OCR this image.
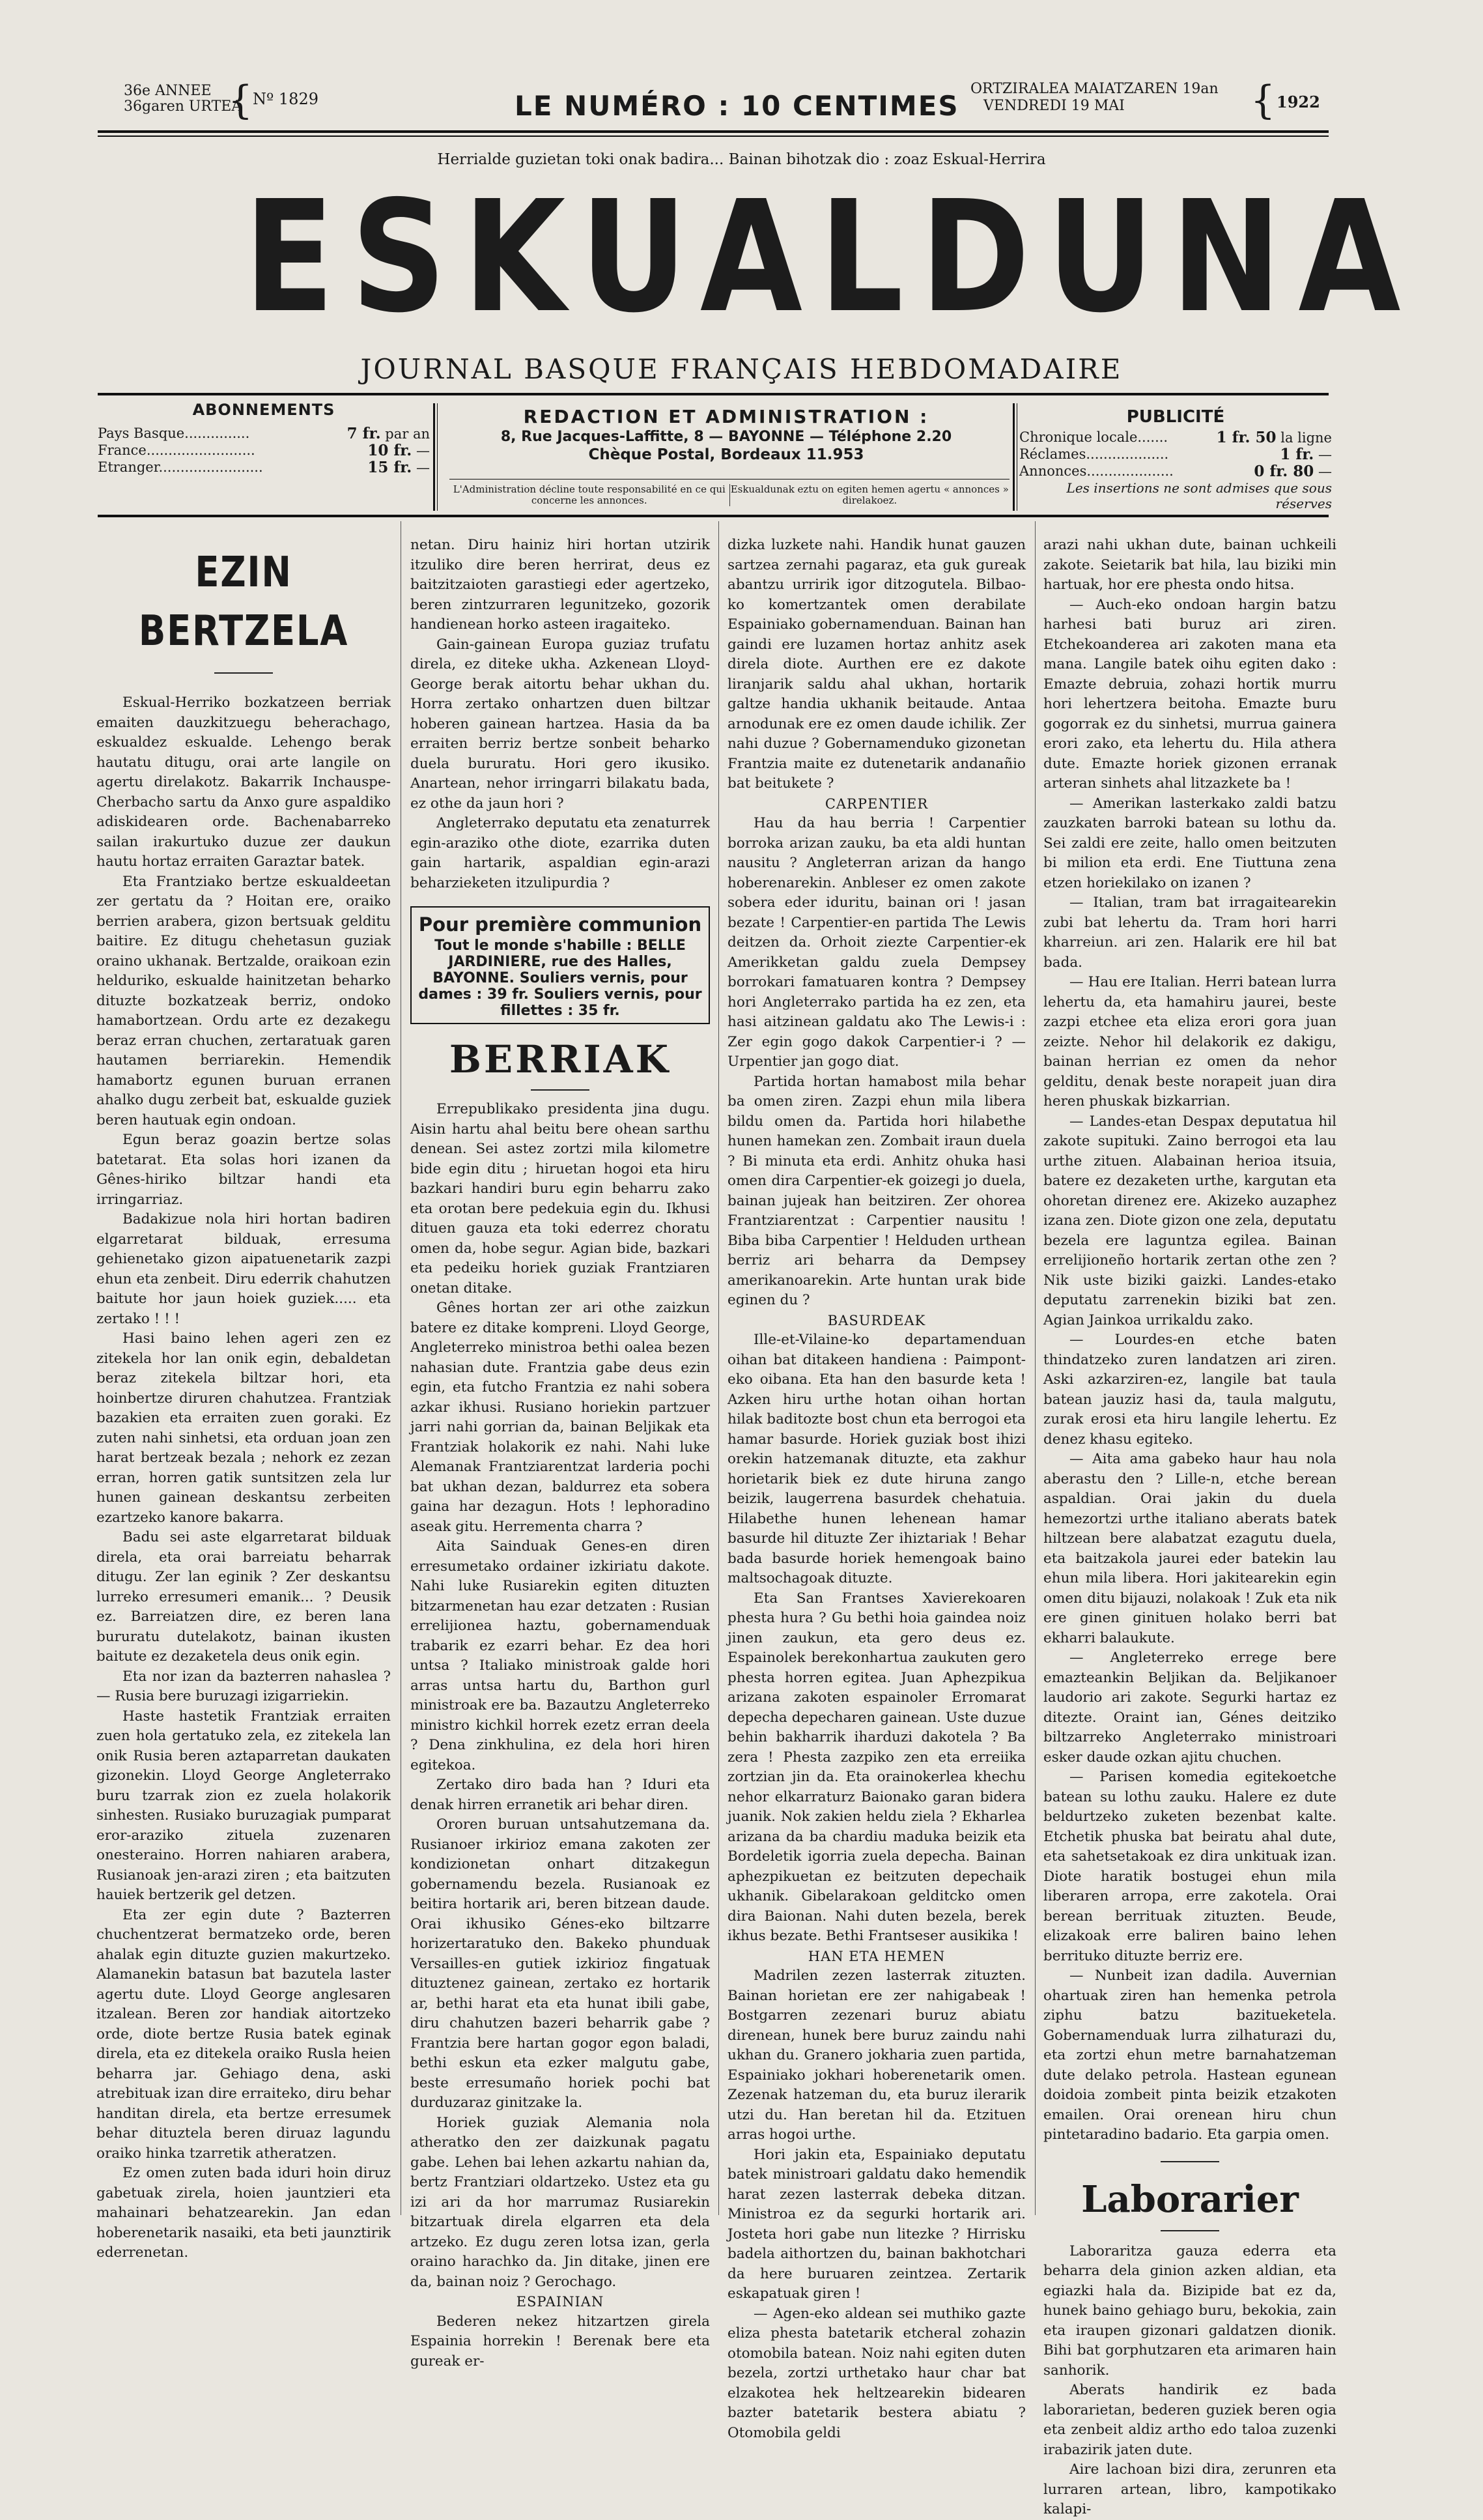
36e ANNEE
36garen URTEA
{ Nº 1829	LE NUMÉRO : 10 CENTIMES
ORTZIRALEA MAIATZAREN 19an
VENDREDI 19 MAI	{ 1922
Herrialde guzietan toki onak badira... Bainan bihotzak dio : zoaz Eskual-Herrira
ESKUALDUNA
JOURNAL BASQUE FRANÇAIS HEBDOMADAIRE
ABONNEMENTS
Pays Basque...............	7 fr. par an
France.........................	10 fr. —
Etranger........................	15 fr. —
REDACTION ET ADMINISTRATION :
8, Rue Jacques-Laffitte, 8 — BAYONNE — Téléphone 2.20
Chèque Postal, Bordeaux 11.953
L'Administration décline toute responsabilité en ce qui concerne les annonces.
Eskualdunak eztu on egiten hemen agertu « annonces » direlakoez.
PUBLICITÉ
Chronique locale.......	1 fr. 50 la ligne
Réclames...................	1 fr. —
Annonces....................	0 fr. 80 —
Les insertions ne sont admises que sous réserves
EZIN BERTZELA

Eskual-Herriko bozkatzeen berriak emaiten dauzkitzuegu beherachago, eskualdez eskualde. Lehengo berak hautatu ditugu, orai arte langile on agertu direlakotz. Bakarrik Inchauspe-Cherbacho sartu da Anxo gure aspaldiko adiskidearen orde. Bachenabarreko sailan irakurtuko duzue zer daukun hautu hortaz erraiten Garaztar batek.

Eta Frantziako bertze eskualdeetan zer gertatu da ? Hoitan ere, oraiko berrien arabera, gizon bertsuak gelditu baitire. Ez ditugu chehetasun guziak oraino ukhanak. Bertzalde, oraikoan ezin helduriko, eskualde hainitzetan beharko dituzte bozkatzeak berriz, ondoko hamabortzean. Ordu arte ez dezakegu beraz erran chuchen, zertaratuak garen hautamen berriarekin. Hemendik hamabortz egunen buruan erranen ahalko dugu zerbeit bat, eskualde guziek beren hautuak egin ondoan.

Egun beraz goazin bertze solas batetarat. Eta solas hori izanen da Gênes-hiriko biltzar handi eta irringarriaz.

Badakizue nola hiri hortan badiren elgarretarat bilduak, erresuma gehienetako gizon aipatuenetarik zazpi ehun eta zenbeit. Diru ederrik chahutzen baitute hor jaun hoiek guziek..... eta zertako ! ! !

Hasi baino lehen ageri zen ez zitekela hor lan onik egin, debaldetan beraz zitekela biltzar hori, eta hoinbertze diruren chahutzea. Frantziak bazakien eta erraiten zuen goraki. Ez zuten nahi sinhetsi, eta orduan joan zen harat bertzeak bezala ; nehork ez zezan erran, horren gatik suntsitzen zela lur hunen gainean deskantsu zerbeiten ezartzeko kanore bakarra.

Badu sei aste elgarretarat bilduak direla, eta orai barreiatu beharrak ditugu. Zer lan eginik ? Zer deskantsu lurreko erresumeri emanik... ? Deusik ez. Barreiatzen dire, ez beren lana bururatu dutelakotz, bainan ikusten baitute ez dezaketela deus onik egin.

Eta nor izan da bazterren nahaslea ? — Rusia bere buruzagi izigarriekin.

Haste hastetik Frantziak erraiten zuen hola gertatuko zela, ez zitekela lan onik Rusia beren aztaparretan daukaten gizonekin. Lloyd George Angleterrako buru tzarrak zion ez zuela holakorik sinhesten. Rusiako buruzagiak pumparat eror-araziko zituela zuzenaren onesteraino. Horren nahiaren arabera, Rusianoak jen-arazi ziren ; eta baitzuten hauiek bertzerik gel detzen.

Eta zer egin dute ? Bazterren chuchentzerat bermatzeko orde, beren ahalak egin dituzte guzien makurtzeko. Alamanekin batasun bat bazutela laster agertu dute. Lloyd George anglesaren itzalean. Beren zor handiak aitortzeko orde, diote bertze Rusia batek eginak direla, eta ez ditekela oraiko Rusla heien beharra jar. Gehiago dena, aski atrebituak izan dire erraiteko, diru behar handitan direla, eta bertze erresumek behar dituztela beren diruaz lagundu oraiko hinka tzarretik atheratzen.

Ez omen zuten bada iduri hoin diruz gabetuak zirela, hoien jauntzieri eta mahainari behatzearekin. Jan edan hoberenetarik nasaiki, eta beti jaunztirik ederrenetan.

netan. Diru hainiz hiri hortan utzirik itzuliko dire beren herrirat, deus ez baitzitzaioten garastiegi eder agertzeko, beren zintzurraren legunitzeko, gozorik handienean horko asteen iragaiteko.

Gain-gainean Europa guziaz trufatu direla, ez diteke ukha. Azkenean Lloyd-George berak aitortu behar ukhan du. Horra zertako onhartzen duen biltzar hoberen gainean hartzea. Hasia da ba erraiten berriz bertze sonbeit beharko duela bururatu. Hori gero ikusiko. Anartean, nehor irringarri bilakatu bada, ez othe da jaun hori ?

Angleterrako deputatu eta zenaturrek egin-araziko othe diote, ezarrika duten gain hartarik, aspaldian egin-arazi beharzieketen itzulipurdia ?

Pour première communion
Tout le monde s'habille : BELLE JARDINIERE, rue des Halles, BAYONNE. Souliers vernis, pour dames : 39 fr. Souliers vernis, pour fillettes : 35 fr.
BERRIAK

Errepublikako presidenta jina dugu. Aisin hartu ahal beitu bere ohean sarthu denean. Sei astez zortzi mila kilometre bide egin ditu ; hiruetan hogoi eta hiru bazkari handiri buru egin beharru zako eta orotan bere pedekuia egin du. Ikhusi dituen gauza eta toki ederrez choratu omen da, hobe segur. Agian bide, bazkari eta pedeiku horiek guziak Frantziaren onetan ditake.

Gênes hortan zer ari othe zaizkun batere ez ditake kompreni. Lloyd George, Angleterreko ministroa bethi oalea bezen nahasian dute. Frantzia gabe deus ezin egin, eta futcho Frantzia ez nahi sobera azkar ikhusi. Rusiano horiekin partzuer jarri nahi gorrian da, bainan Beljikak eta Frantziak holakorik ez nahi. Nahi luke Alemanak Frantziarentzat larderia pochi bat ukhan dezan, baldurrez eta sobera gaina har dezagun. Hots ! lephoradino aseak gitu. Herrementa charra ?

Aita Sainduak Genes-en diren erresumetako ordainer izkiriatu dakote. Nahi luke Rusiarekin egiten dituzten bitzarmenetan hau ezar detzaten : Rusian errelijionea haztu, gobernamenduak trabarik ez ezarri behar. Ez dea hori untsa ? Italiako ministroak galde hori arras untsa hartu du, Barthon gurl ministroak ere ba. Bazautzu Angleterreko ministro kichkil horrek ezetz erran deela ? Dena zinkhulina, ez dela hori hiren egitekoa.

Zertako diro bada han ? Iduri eta denak hirren erranetik ari behar diren.

Ororen buruan untsahutzemana da. Rusianoer irkirioz emana zakoten zer kondizionetan onhart ditzakegun gobernamendu bezela. Rusianoak ez beitira hortarik ari, beren bitzean daude. Orai ikhusiko Génes-eko biltzarre horizertaratuko den. Bakeko phunduak Versailles-en gutiek izkirioz fingatuak dituztenez gainean, zertako ez hortarik ar, bethi harat eta eta hunat ibili gabe, diru chahutzen bazeri beharrik gabe ? Frantzia bere hartan gogor egon baladi, bethi eskun eta ezker malgutu gabe, beste erresumaño horiek pochi bat durduzaraz ginitzake la.

Horiek guziak Alemania nola atheratko den zer daizkunak pagatu gabe. Lehen bai lehen azkartu nahian da, bertz Frantziari oldartzeko. Ustez eta gu izi ari da hor marrumaz Rusiarekin bitzartuak direla elgarren eta dela artzeko. Ez dugu zeren lotsa izan, gerla oraino harachko da. Jin ditake, jinen ere da, bainan noiz ? Gerochago.

ESPAINIAN

Bederen nekez hitzartzen girela Espainia horrekin ! Berenak bere eta gureak er-

dizka luzkete nahi. Handik hunat gauzen sartzea zernahi pagaraz, eta guk gureak abantzu urririk igor ditzogutela. Bilbao-ko komertzantek omen derabilate Espainiako gobernamenduan. Bainan han gaindi ere luzamen hortaz anhitz asek direla diote. Aurthen ere ez dakote liranjarik saldu ahal ukhan, hortarik galtze handia ukhanik beitaude. Antaa arnodunak ere ez omen daude ichilik. Zer nahi duzue ? Gobernamenduko gizonetan Frantzia maite ez dutenetarik andanañio bat beitukete ?

CARPENTIER

Hau da hau berria ! Carpentier borroka arizan zauku, ba eta aldi huntan nausitu ? Angleterran arizan da hango hoberenarekin. Anbleser ez omen zakote sobera eder iduritu, bainan ori ! jasan bezate ! Carpentier-en partida The Lewis deitzen da. Orhoit ziezte Carpentier-ek Amerikketan galdu zuela Dempsey borrokari famatuaren kontra ? Dempsey hori Angleterrako partida ha ez zen, eta hasi aitzinean galdatu ako The Lewis-i : Zer egin gogo dakok Carpentier-i ? — Urpentier jan gogo diat.

Partida hortan hamabost mila behar ba omen ziren. Zazpi ehun mila libera bildu omen da. Partida hori hilabethe hunen hamekan zen. Zombait iraun duela ? Bi minuta eta erdi. Anhitz ohuka hasi omen dira Carpentier-ek goizegi jo duela, bainan jujeak han beitziren. Zer ohorea Frantziarentzat : Carpentier nausitu ! Biba biba Carpentier ! Helduden urthean berriz ari beharra da Dempsey amerikanoarekin. Arte huntan urak bide eginen du ?

BASURDEAK

Ille-et-Vilaine-ko departamenduan oihan bat ditakeen handiena : Paimpont-eko oibana. Eta han den basurde keta ! Azken hiru urthe hotan oihan hortan hilak baditozte bost chun eta berrogoi eta hamar basurde. Horiek guziak bost ihizi orekin hatzemanak dituzte, eta zakhur horietarik biek ez dute hiruna zango beizik, laugerrena basurdek chehatuia. Hilabethe hunen lehenean hamar basurde hil dituzte Zer ihiztariak ! Behar bada basurde horiek hemengoak baino maltsochagoak dituzte.

Eta San Frantses Xavierekoaren phesta hura ? Gu bethi hoia gaindea noiz jinen zaukun, eta gero deus ez. Espainolek berekonhartua zaukuten gero phesta horren egitea. Juan Aphezpikua arizana zakoten espainoler Erromarat depecha depecharen gainean. Uste duzue behin bakharrik iharduzi dakotela ? Ba zera ! Phesta zazpiko zen eta erreiika zortzian jin da. Eta orainokerlea khechu nehor elkarraturz Baionako garan bidera juanik. Nok zakien heldu ziela ? Ekharlea arizana da ba chardiu maduka beizik eta Bordeletik igorria zuela depecha. Bainan aphezpikuetan ez beitzuten depechaik ukhanik. Gibelarakoan gelditcko omen dira Baionan. Nahi duten bezela, berek ikhus bezate. Bethi Frantseser ausikika !

HAN ETA HEMEN

Madrilen zezen lasterrak zituzten. Bainan horietan ere zer nahigabeak ! Bostgarren zezenari buruz abiatu direnean, hunek bere buruz zaindu nahi ukhan du. Granero jokharia zuen partida, Espainiako jokhari hoberenetarik omen. Zezenak hatzeman du, eta buruz ilerarik utzi du. Han beretan hil da. Etzituen arras hogoi urthe.

Hori jakin eta, Espainiako deputatu batek ministroari galdatu dako hemendik harat zezen lasterrak debeka ditzan. Ministroa ez da segurki hortarik ari. Josteta hori gabe nun litezke ? Hirrisku badela aithortzen du, bainan bakhotchari da here buruaren zeintzea. Zertarik eskapatuak giren !

— Agen-eko aldean sei muthiko gazte eliza phesta batetarik etcheral zohazin otomobila batean. Noiz nahi egiten duten bezela, zortzi urthetako haur char bat elzakotea hek heltzearekin bidearen bazter batetarik bestera abiatu ? Otomobila geldi

arazi nahi ukhan dute, bainan uchkeili zakote. Seietarik bat hila, lau biziki min hartuak, hor ere phesta ondo hitsa.

— Auch-eko ondoan hargin batzu harhesi bati buruz ari ziren. Etchekoanderea ari zakoten mana eta mana. Langile batek oihu egiten dako : Emazte debruia, zohazi hortik murru hori lehertzera beitoha. Emazte buru gogorrak ez du sinhetsi, murrua gainera erori zako, eta lehertu du. Hila athera dute. Emazte horiek gizonen erranak arteran sinhets ahal litzazkete ba !

— Amerikan lasterkako zaldi batzu zauzkaten barroki batean su lothu da. Sei zaldi ere zeite, hallo omen beitzuten bi milion eta erdi. Ene Tiuttuna zena etzen horiekilako on izanen ?

— Italian, tram bat irragaitearekin zubi bat lehertu da. Tram hori harri kharreiun. ari zen. Halarik ere hil bat bada.

— Hau ere Italian. Herri batean lurra lehertu da, eta hamahiru jaurei, beste zazpi etchee eta eliza erori gora juan zeizte. Nehor hil delakorik ez dakigu, bainan herrian ez omen da nehor gelditu, denak beste norapeit juan dira heren phuskak bizkarrian.

— Landes-etan Despax deputatua hil zakote supituki. Zaino berrogoi eta lau urthe zituen. Alabainan herioa itsuia, batere ez dezaketen urthe, kargutan eta ohoretan direnez ere. Akizeko auzaphez izana zen. Diote gizon one zela, deputatu bezela ere laguntza egilea. Bainan errelijioneño hortarik zertan othe zen ? Nik uste biziki gaizki. Landes-etako deputatu zarrenekin biziki bat zen. Agian Jainkoa urrikaldu zako.

— Lourdes-en etche baten thindatzeko zuren landatzen ari ziren. Aski azkarziren-ez, langile bat taula batean jauziz hasi da, taula malgutu, zurak erosi eta hiru langile lehertu. Ez denez khasu egiteko.

— Aita ama gabeko haur hau nola aberastu den ? Lille-n, etche berean aspaldian. Orai jakin du duela hemezortzi urthe italiano aberats batek hiltzean bere alabatzat ezagutu duela, eta baitzakola jaurei eder batekin lau ehun mila libera. Hori jakitearekin egin omen ditu bijauzi, nolakoak ! Zuk eta nik ere ginen ginituen holako berri bat ekharri balaukute.

— Angleterreko errege bere emazteankin Beljikan da. Beljikanoer laudorio ari zakote. Segurki hartaz ez ditezte. Oraint ian, Génes deitziko biltzarreko Angleterrako ministroari esker daude ozkan ajitu chuchen.

— Parisen komedia egitekoetche batean su lothu zauku. Halere ez dute beldurtzeko zuketen bezenbat kalte. Etchetik phuska bat beiratu ahal dute, eta sahetsetakoak ez dira unkituak izan. Diote haratik bostugei ehun mila liberaren arropa, erre zakotela. Orai berean berrituak zituzten. Beude, elizakoak erre baliren baino lehen berrituko dituzte berriz ere.

— Nunbeit izan dadila. Auvernian ohartuak ziren han hemenka petrola ziphu batzu bazitueketela. Gobernamenduak lurra zilhaturazi du, eta zortzi ehun metre barnahatzeman dute delako petrola. Hastean egunean doidoia zombeit pinta beizik etzakoten emailen. Orai orenean hiru chun pintetaradino badario. Eta garpia omen.

Laborarier

Laboraritza gauza ederra eta beharra dela ginion azken aldian, eta egiazki hala da. Bizipide bat ez da, hunek baino gehiago buru, bekokia, zain eta iraupen gizonari galdatzen dionik. Bihi bat gorphutzaren eta arimaren hain sanhorik.

Aberats handirik ez bada laborarietan, bederen guziek beren ogia eta zenbeit aldiz artho edo taloa zuzenki irabazirik jaten dute.

Aire lachoan bizi dira, zerunren eta lurraren artean, libro, kampotikako kalapi-
